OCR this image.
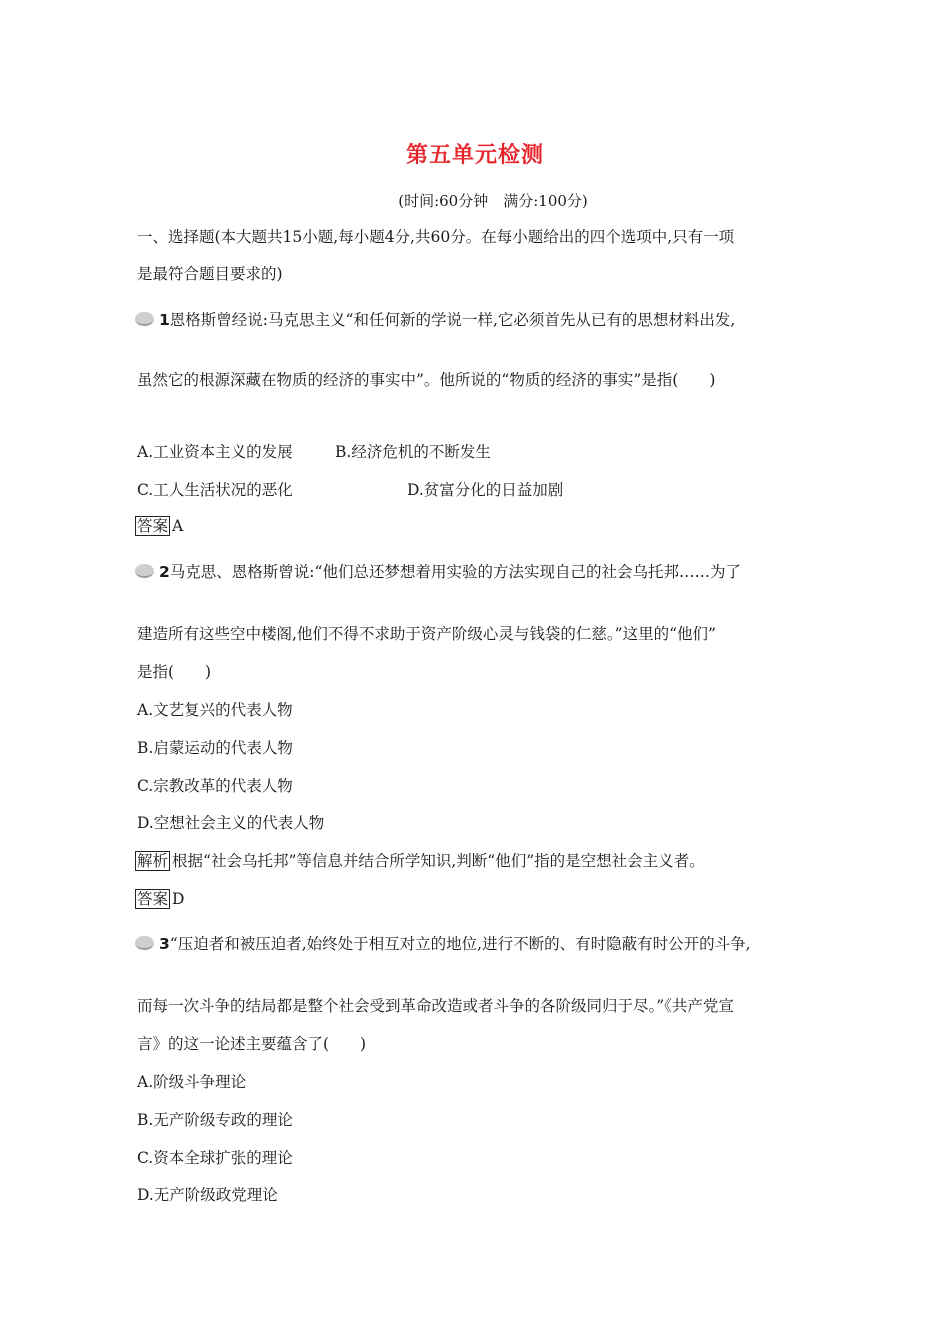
第五单元检测
(时间:60分钟　满分:100分)
一、选择题(本大题共15小题,每小题4分,共60分。在每小题给出的四个选项中,只有一项
是最符合题目要求的)
1恩格斯曾经说:马克思主义“和任何新的学说一样,它必须首先从已有的思想材料出发,
虽然它的根源深藏在物质的经济的事实中”。他所说的“物质的经济的事实”是指(　　)
A.工业资本主义的发展	B.经济危机的不断发生
C.工人生活状况的恶化	D.贫富分化的日益加剧
答案 A
2马克思、恩格斯曾说:“他们总还梦想着用实验的方法实现自己的社会乌托邦……为了
建造所有这些空中楼阁,他们不得不求助于资产阶级心灵与钱袋的仁慈。”这里的“他们”
是指(　　)
A.文艺复兴的代表人物
B.启蒙运动的代表人物
C.宗教改革的代表人物
D.空想社会主义的代表人物
解析 根据“社会乌托邦”等信息并结合所学知识,判断“他们”指的是空想社会主义者。
答案 D
3“压迫者和被压迫者,始终处于相互对立的地位,进行不断的、有时隐蔽有时公开的斗争,
而每一次斗争的结局都是整个社会受到革命改造或者斗争的各阶级同归于尽。”《共产党宣
言》的这一论述主要蕴含了(　　)
A.阶级斗争理论
B.无产阶级专政的理论
C.资本全球扩张的理论
D.无产阶级政党理论
